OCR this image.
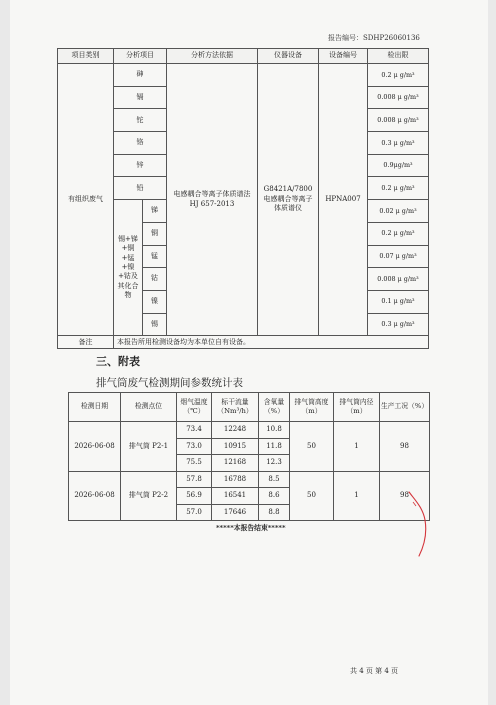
报告编号：SDHP26060136
项目类别	分析项目		分析方法依据	仪器设备	设备编号	检出限
有组织废气	砷		电感耦合等离子体质谱法 HJ 657-2013	G8421A/7800电感耦合等离子体质谱仪	HPNA007	0.2 μ g/m³
	镉					0.008 μ g/m³
	铊					0.008 μ g/m³
	铬					0.3 μ g/m³
	锌					0.9μg/m³
	铅					0.2 μ g/m³
	锡+锑+铜+锰+镍+钴及其化合物	锑				0.02 μ g/m³
		铜				0.2 μ g/m³
		锰				0.07 μ g/m³
		钴				0.008 μ g/m³
		镍				0.1 μ g/m³
		锡				0.3 μ g/m³
备注	本报告所用检测设备均为本单位自有设备。					
三、附表
排气筒废气检测期间参数统计表
检测日期	检测点位	烟气温度（℃）	标干流量（Nm³/h）	含氧量（%）	排气筒高度（m）	排气筒内径（m）	生产工况（%）
2026-06-08	排气筒 P2-1	73.4	12248	10.8	50	1	98
		73.0	10915	11.8			
		75.5	12168	12.3			
2026-06-08	排气筒 P2-2	57.8	16788	8.5	50	1	98
		56.9	16541	8.6			
		57.0	17646	8.8			
*****本报告结束*****
共 4 页 第 4 页
